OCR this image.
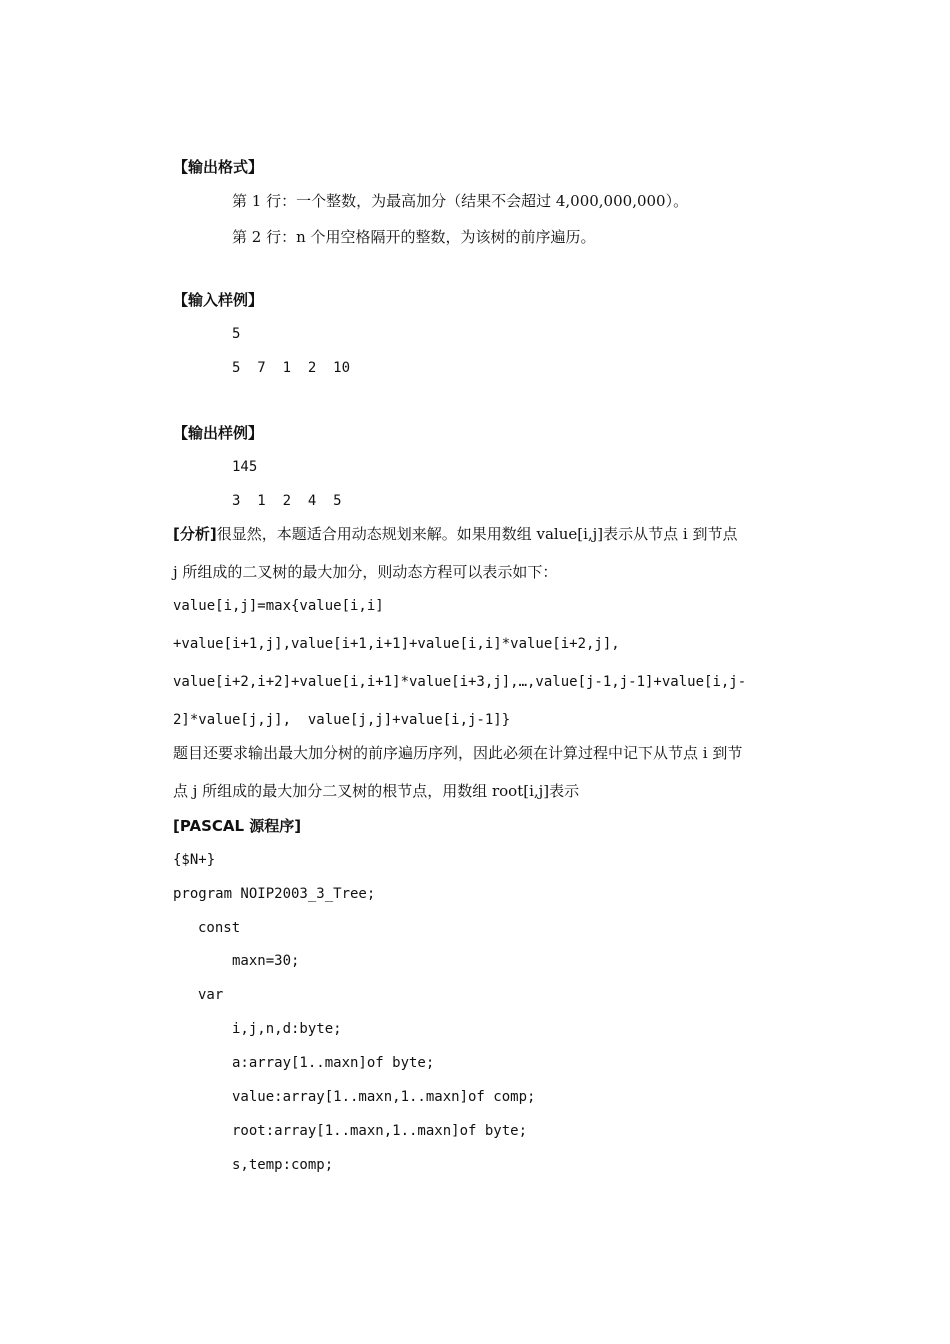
【输出格式】
第 1 行：一个整数，为最高加分（结果不会超过 4,000,000,000）。
第 2 行：n 个用空格隔开的整数，为该树的前序遍历。
【输入样例】
5
5  7  1  2  10
【输出样例】
145
3  1  2  4  5
[分析]很显然，本题适合用动态规划来解。如果用数组 value[i,j]表示从节点 i 到节点
j 所组成的二叉树的最大加分，则动态方程可以表示如下：
value[i,j]=max{value[i,i]
+value[i+1,j],value[i+1,i+1]+value[i,i]*value[i+2,j],
value[i+2,i+2]+value[i,i+1]*value[i+3,j],…,value[j-1,j-1]+value[i,j-
2]*value[j,j],  value[j,j]+value[i,j-1]}
题目还要求输出最大加分树的前序遍历序列，因此必须在计算过程中记下从节点 i 到节
点 j 所组成的最大加分二叉树的根节点，用数组 root[i,j]表示
[PASCAL 源程序]
{$N+}
program NOIP2003_3_Tree;
const
maxn=30;
var
i,j,n,d:byte;
a:array[1..maxn]of byte;
value:array[1..maxn,1..maxn]of comp;
root:array[1..maxn,1..maxn]of byte;
s,temp:comp;
